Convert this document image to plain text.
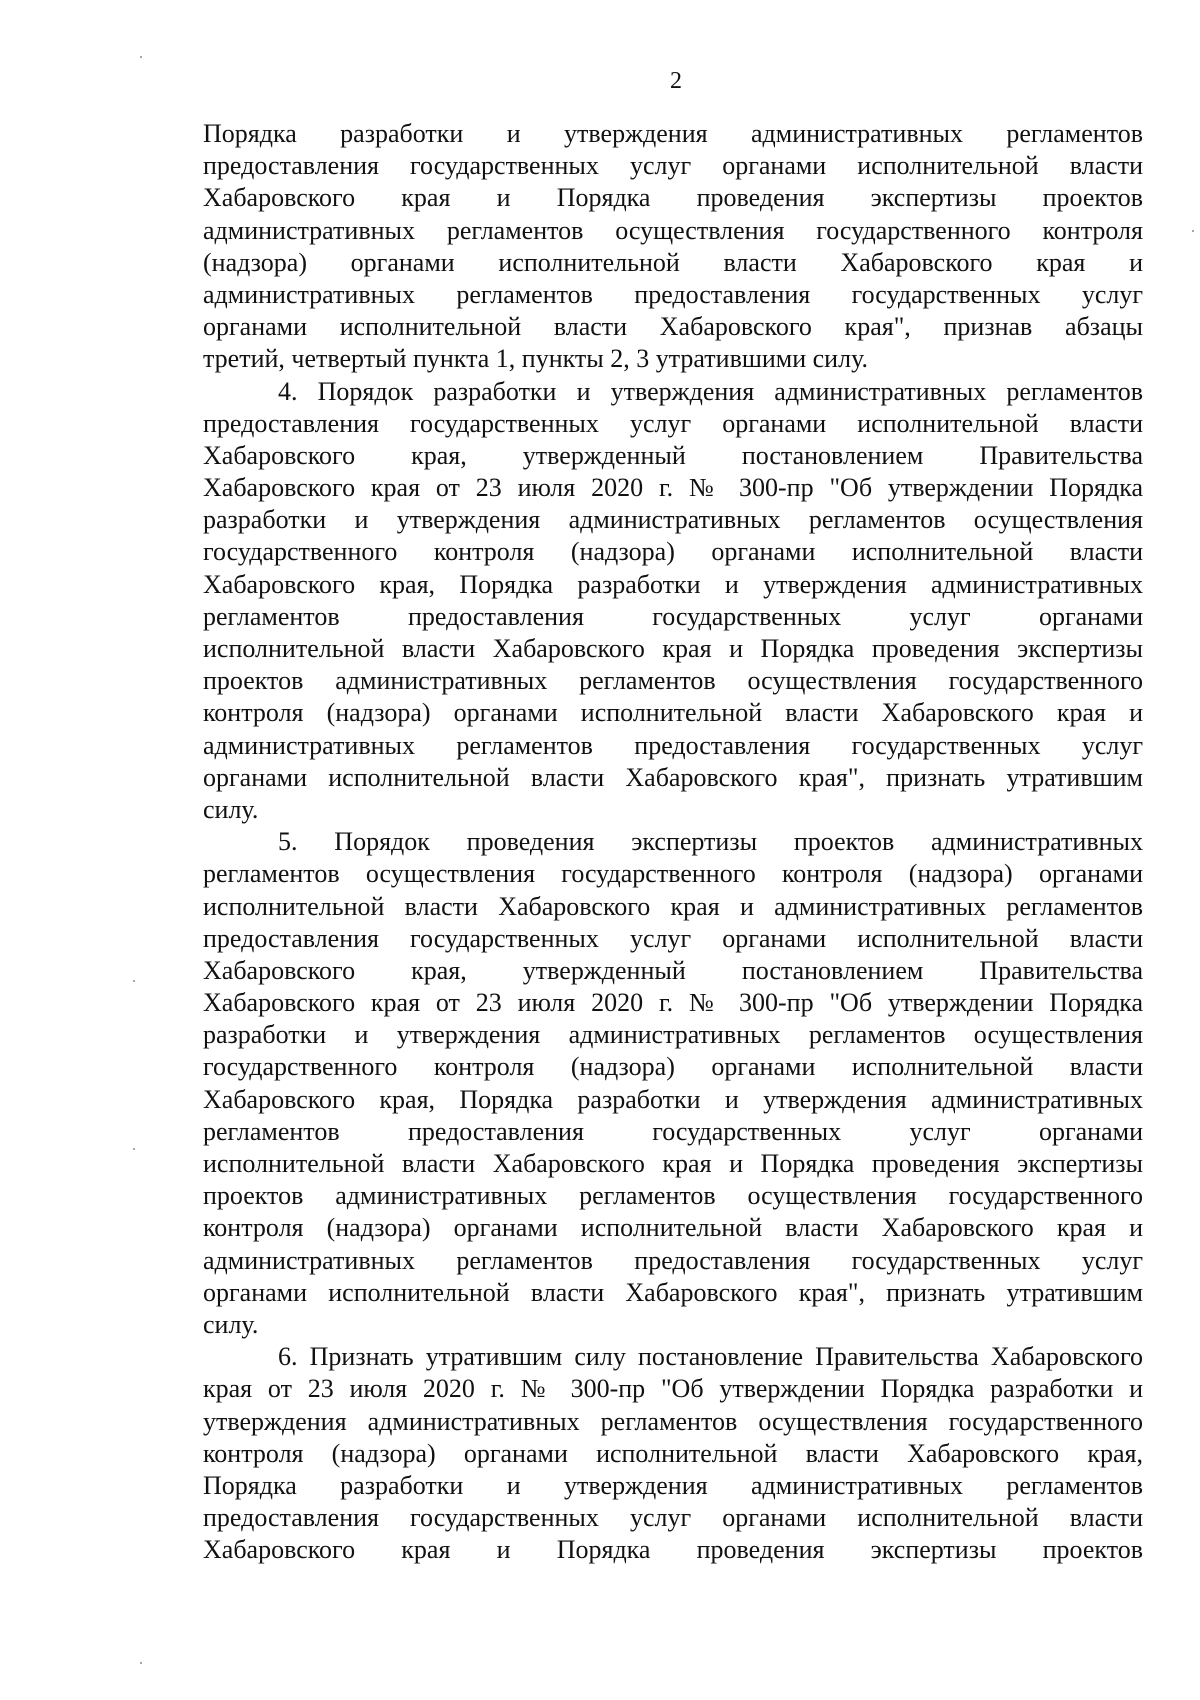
2
Порядка разработки и утверждения административных регламентов
предоставления государственных услуг органами исполнительной власти
Хабаровского края и Порядка проведения экспертизы проектов
административных регламентов осуществления государственного контроля
(надзора) органами исполнительной власти Хабаровского края и
административных регламентов предоставления государственных услуг
органами исполнительной власти Хабаровского края", признав абзацы
третий, четвертый пункта 1, пункты 2, 3 утратившими силу.
4. Порядок разработки и утверждения административных регламентов
предоставления государственных услуг органами исполнительной власти
Хабаровского края, утвержденный постановлением Правительства
Хабаровского края от 23 июля 2020 г. № 300-пр "Об утверждении Порядка
разработки и утверждения административных регламентов осуществления
государственного контроля (надзора) органами исполнительной власти
Хабаровского края, Порядка разработки и утверждения административных
регламентов предоставления государственных услуг органами
исполнительной власти Хабаровского края и Порядка проведения экспертизы
проектов административных регламентов осуществления государственного
контроля (надзора) органами исполнительной власти Хабаровского края и
административных регламентов предоставления государственных услуг
органами исполнительной власти Хабаровского края", признать утратившим
силу.
5. Порядок проведения экспертизы проектов административных
регламентов осуществления государственного контроля (надзора) органами
исполнительной власти Хабаровского края и административных регламентов
предоставления государственных услуг органами исполнительной власти
Хабаровского края, утвержденный постановлением Правительства
Хабаровского края от 23 июля 2020 г. № 300-пр "Об утверждении Порядка
разработки и утверждения административных регламентов осуществления
государственного контроля (надзора) органами исполнительной власти
Хабаровского края, Порядка разработки и утверждения административных
регламентов предоставления государственных услуг органами
исполнительной власти Хабаровского края и Порядка проведения экспертизы
проектов административных регламентов осуществления государственного
контроля (надзора) органами исполнительной власти Хабаровского края и
административных регламентов предоставления государственных услуг
органами исполнительной власти Хабаровского края", признать утратившим
силу.
6. Признать утратившим силу постановление Правительства Хабаровского
края от 23 июля 2020 г. № 300-пр "Об утверждении Порядка разработки и
утверждения административных регламентов осуществления государственного
контроля (надзора) органами исполнительной власти Хабаровского края,
Порядка разработки и утверждения административных регламентов
предоставления государственных услуг органами исполнительной власти
Хабаровского края и Порядка проведения экспертизы проектов
